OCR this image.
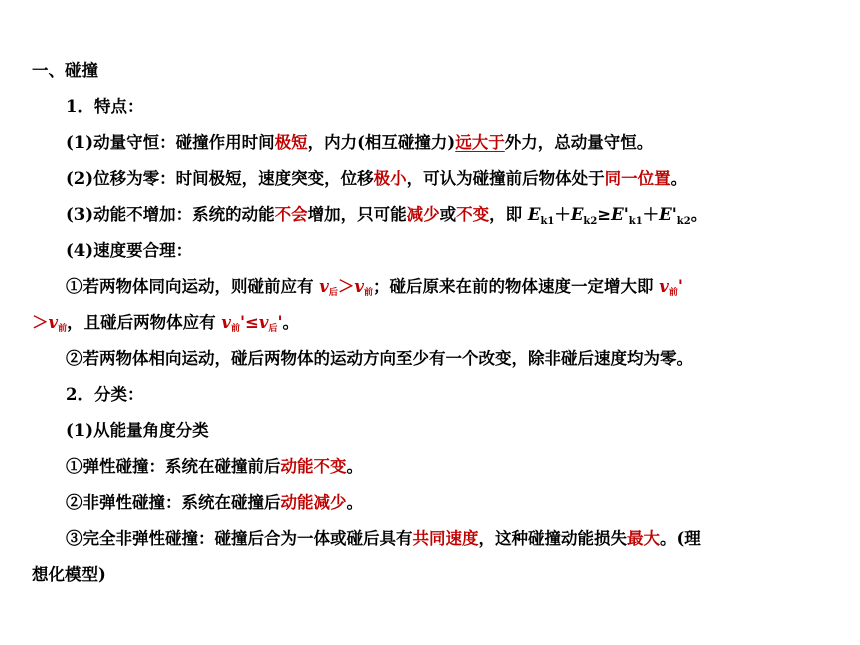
一、碰撞
1．特点：
(1)动量守恒：碰撞作用时间极短，内力(相互碰撞力)远大于外力，总动量守恒。
(2)位移为零：时间极短，速度突变，位移极小，可认为碰撞前后物体处于同一位置。
(3)动能不增加：系统的动能不会增加，只可能减少或不变，即 $E_{k1}+E_{k2}\ge E'_{k1}+E'_{k2}$。
(4)速度要合理：
①若两物体同向运动，则碰前应有 v后＞v前；碰后原来在前的物体速度一定增大即 v前'
＞v前，且碰后两物体应有 v前'≤v后'。
②若两物体相向运动，碰后两物体的运动方向至少有一个改变，除非碰后速度均为零。
2．分类：
(1)从能量角度分类
①弹性碰撞：系统在碰撞前后动能不变。
②非弹性碰撞：系统在碰撞后动能减少。
③完全非弹性碰撞：碰撞后合为一体或碰后具有共同速度，这种碰撞动能损失最大。(理
想化模型)
